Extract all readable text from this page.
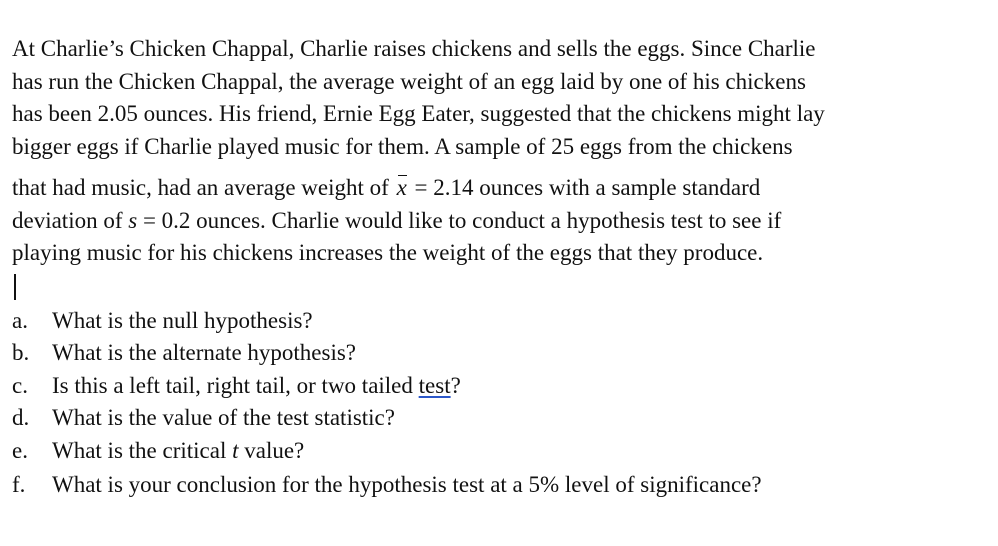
At Charlie’s Chicken Chappal, Charlie raises chickens and sells the eggs. Since Charlie
has run the Chicken Chappal, the average weight of an egg laid by one of his chickens
has been 2.05 ounces. His friend, Ernie Egg Eater, suggested that the chickens might lay
bigger eggs if Charlie played music for them. A sample of 25 eggs from the chickens
that had music, had an average weight of x = 2.14 ounces with a sample standard
deviation of s = 0.2 ounces. Charlie would like to conduct a hypothesis test to see if
playing music for his chickens increases the weight of the eggs that they produce.

a.	What is the null hypothesis?
b. What is the alternate hypothesis?
c.	Is this a left tail, right tail, or two tailed test?
d. What is the value of the test statistic?
e.	What is the critical t value?
f.	What is your conclusion for the hypothesis test at a 5% level of significance?
